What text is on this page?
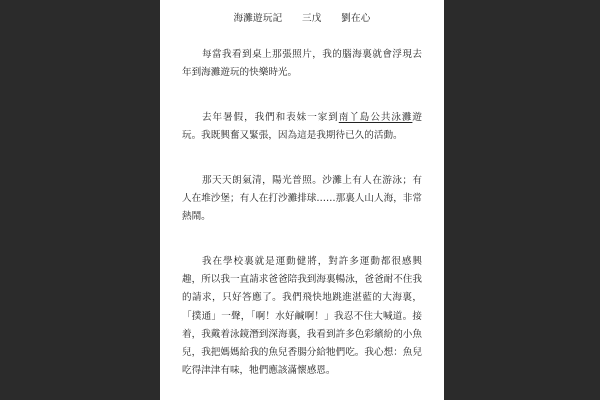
海灘遊玩記　　三戊　　劉在心

每當我看到桌上那張照片，我的腦海裏就會浮現去年到海灘遊玩的快樂時光。

去年暑假，我們和表妹一家到南丫島公共泳灘遊玩。我既興奮又緊張，因為這是我期待已久的活動。

那天天朗氣清，陽光普照。沙灘上有人在游泳；有人在堆沙堡；有人在打沙灘排球……那裏人山人海，非常熱鬧。

我在學校裏就是運動健將，對許多運動都很感興趣，所以我一直請求爸爸陪我到海裏暢泳，爸爸耐不住我的請求，只好答應了。我們飛快地跳進湛藍的大海裏，「撲通」一聲，「啊！水好鹹啊！」我忍不住大喊道。接着，我戴着泳鏡潛到深海裏，我看到許多色彩繽紛的小魚兒，我把媽媽給我的魚兒香腸分給牠們吃。我心想：魚兒吃得津津有味，牠們應該滿懷感恩。
